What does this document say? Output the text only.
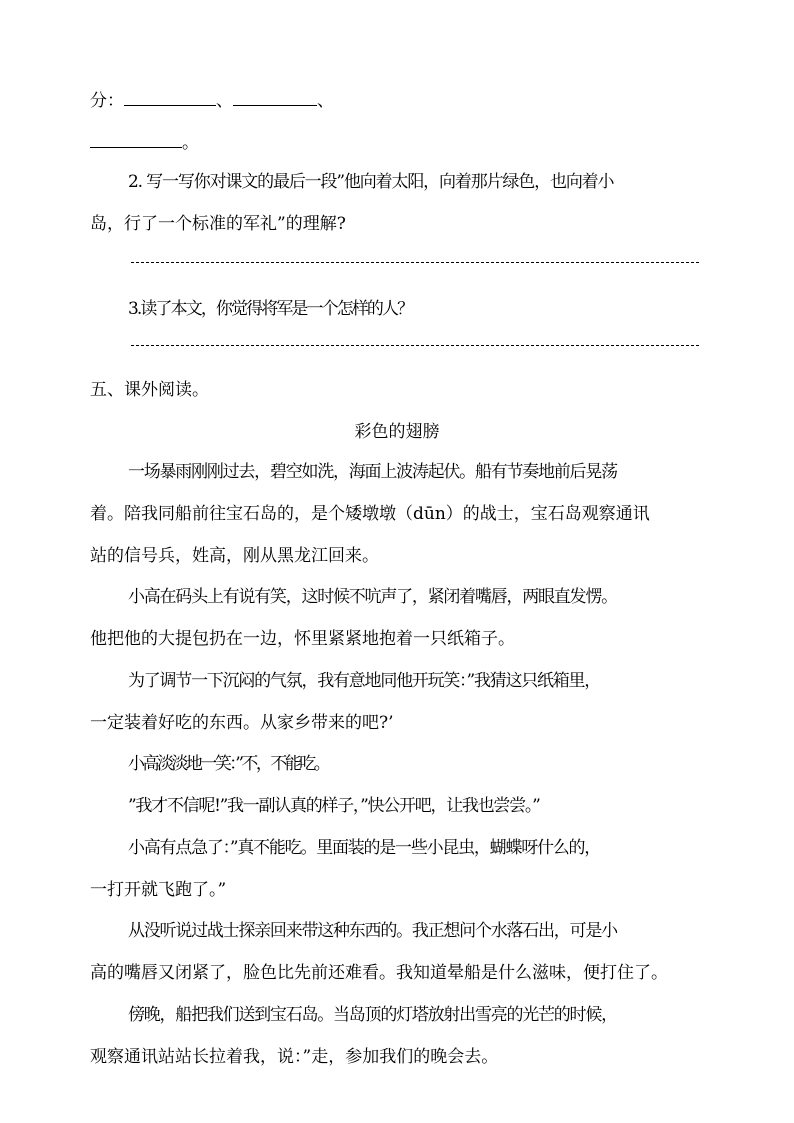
分：	、	、

。

2. 写一写你对课文的最后一段”他向着太阳，向着那片绿色，也向着小

岛，行了一个标准的军礼”的理解?

3.读了本文，你觉得将军是一个怎样的人？

五、课外阅读。

彩色的翅膀

一场暴雨刚刚过去，碧空如洗，海面上波涛起伏。船有节奏地前后晃荡

着。陪我同船前往宝石岛的，是个矮墩墩（dūn）的战士，宝石岛观察通讯

站的信号兵，姓高，刚从黑龙江回来。

小高在码头上有说有笑，这时候不吭声了，紧闭着嘴唇，两眼直发愣。

他把他的大提包扔在一边，怀里紧紧地抱着一只纸箱子。

为了调节一下沉闷的气氛，我有意地同他开玩笑：”我猜这只纸箱里，

一定装着好吃的东西。从家乡带来的吧?’

小高淡淡地一笑：”不，不能吃。

”我才不信呢!”我一副认真的样子，”快公开吧，让我也尝尝。”

小高有点急了：”真不能吃。里面装的是一些小昆虫，蝴蝶呀什么的，

一打开就飞跑了。”

从没听说过战士探亲回来带这种东西的。我正想问个水落石出，可是小

高的嘴唇又闭紧了，脸色比先前还难看。我知道晕船是什么滋味，便打住了。

傍晚，船把我们送到宝石岛。当岛顶的灯塔放射出雪亮的光芒的时候，

观察通讯站站长拉着我，说：”走，参加我们的晚会去。
